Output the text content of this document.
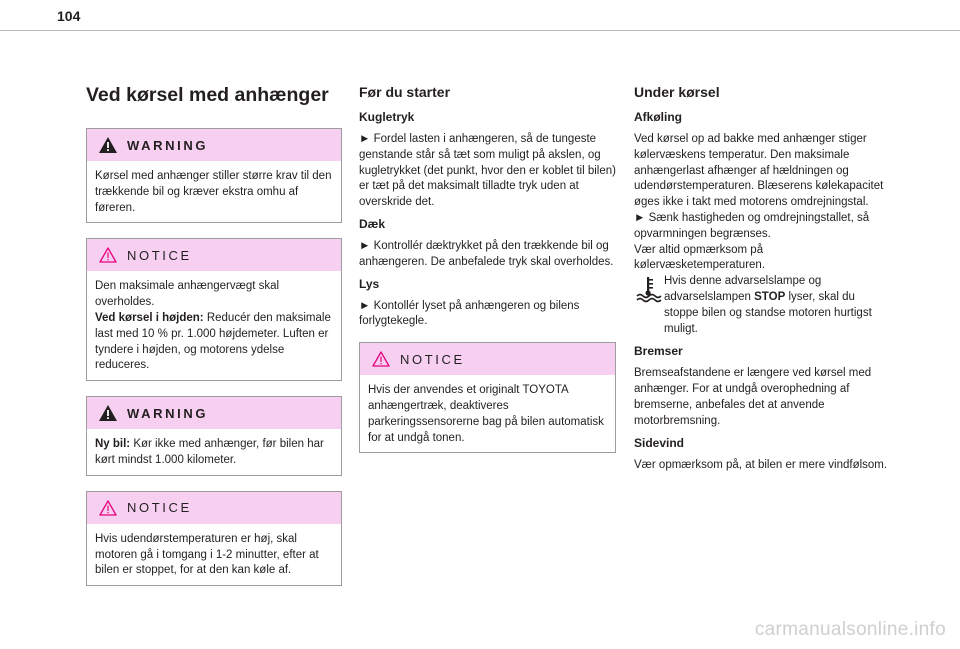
104
Ved kørsel med anhænger
WARNING

Kørsel med anhænger stiller større krav til den trækkende bil og kræver ekstra omhu af føreren.

NOTICE

Den maksimale anhængervægt skal overholdes.

Ved kørsel i højden: Reducér den maksimale last med 10 % pr. 1.000 højdemeter. Luften er tyndere i højden, og motorens ydelse reduceres.

WARNING

Ny bil: Kør ikke med anhænger, før bilen har kørt mindst 1.000 kilometer.

NOTICE

Hvis udendørstemperaturen er høj, skal motoren gå i tomgang i 1-2 minutter, efter at bilen er stoppet, for at den kan køle af.

Før du starter
Kugletryk

► Fordel lasten i anhængeren, så de tungeste genstande står så tæt som muligt på akslen, og kugletrykket (det punkt, hvor den er koblet til bilen) er tæt på det maksimalt tilladte tryk uden at overskride det.

Dæk

► Kontrollér dæktrykket på den trækkende bil og anhængeren. De anbefalede tryk skal overholdes.

Lys

► Kontollér lyset på anhængeren og bilens forlygtekegle.

NOTICE

Hvis der anvendes et originalt TOYOTA anhængertræk, deaktiveres parkeringssensorerne bag på bilen automatisk for at undgå tonen.

Under kørsel
Afkøling

Ved kørsel op ad bakke med anhænger stiger kølervæskens temperatur. Den maksimale anhængerlast afhænger af hældningen og udendørstemperaturen. Blæserens kølekapacitet øges ikke i takt med motorens omdrejningstal.

► Sænk hastigheden og omdrejningstallet, så opvarmningen begrænses.

Vær altid opmærksom på kølervæsketemperaturen.

Hvis denne advarselslampe og advarselslampen STOP lyser, skal du stoppe bilen og standse motoren hurtigst muligt.

Bremser

Bremseafstandene er længere ved kørsel med anhænger. For at undgå overophedning af bremserne, anbefales det at anvende motorbremsning.

Sidevind

Vær opmærksom på, at bilen er mere vindfølsom.

carmanualsonline.info
